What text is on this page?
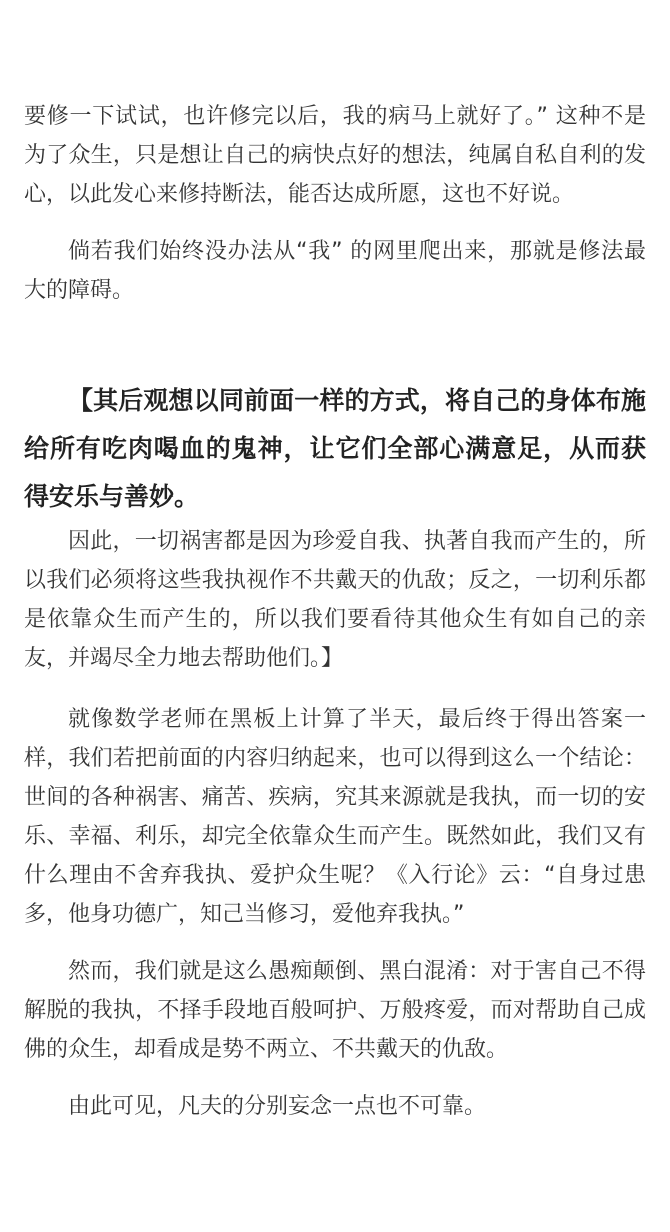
要修一下试试，也许修完以后，我的病马上就好了。” 这种不是为了众生，只是想让自己的病快点好的想法，纯属自私自利的发心，以此发心来修持断法，能否达成所愿，这也不好说。

倘若我们始终没办法从“我” 的网里爬出来，那就是修法最大的障碍。

【其后观想以同前面一样的方式，将自己的身体布施给所有吃肉喝血的鬼神，让它们全部心满意足，从而获得安乐与善妙。

因此，一切祸害都是因为珍爱自我、执著自我而产生的，所以我们必须将这些我执视作不共戴天的仇敌；反之，一切利乐都是依靠众生而产生的，所以我们要看待其他众生有如自己的亲友，并竭尽全力地去帮助他们。】

就像数学老师在黑板上计算了半天，最后终于得出答案一样，我们若把前面的内容归纳起来，也可以得到这么一个结论：世间的各种祸害、痛苦、疾病，究其来源就是我执，而一切的安乐、幸福、利乐，却完全依靠众生而产生。既然如此，我们又有什么理由不舍弃我执、爱护众生呢？《入行论》云：“自身过患多，他身功德广，知己当修习，爱他弃我执。”

然而，我们就是这么愚痴颠倒、黑白混淆：对于害自己不得解脱的我执，不择手段地百般呵护、万般疼爱，而对帮助自己成佛的众生，却看成是势不两立、不共戴天的仇敌。

由此可见，凡夫的分别妄念一点也不可靠。
